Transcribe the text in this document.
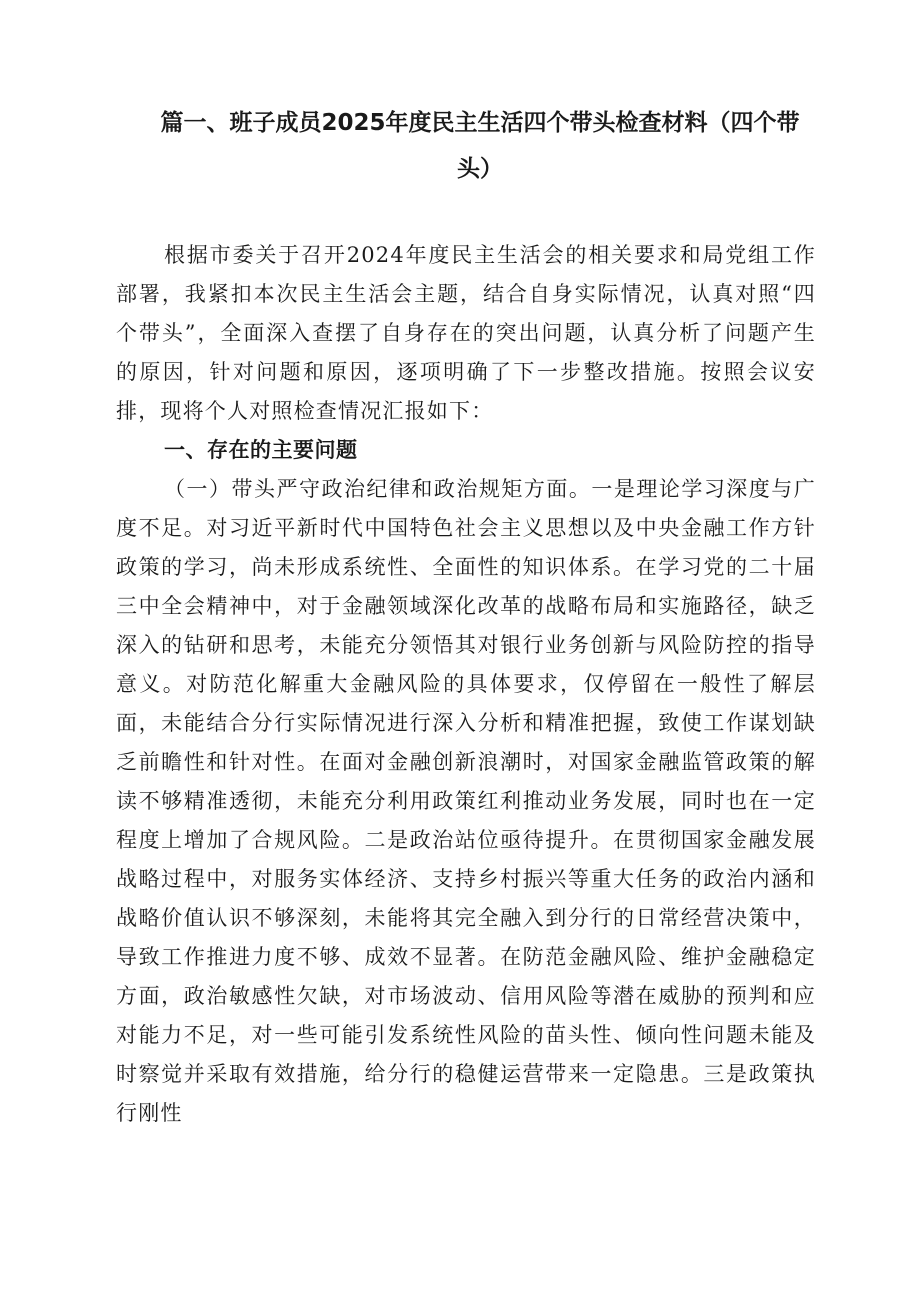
篇一、班子成员2025年度民主生活四个带头检查材料（四个带头）

根据市委关于召开2024年度民主生活会的相关要求和局党组工作部署，我紧扣本次民主生活会主题，结合自身实际情况，认真对照“四个带头”，全面深入查摆了自身存在的突出问题，认真分析了问题产生的原因，针对问题和原因，逐项明确了下一步整改措施。按照会议安排，现将个人对照检查情况汇报如下：

一、存在的主要问题

（一）带头严守政治纪律和政治规矩方面。一是理论学习深度与广度不足。对习近平新时代中国特色社会主义思想以及中央金融工作方针政策的学习，尚未形成系统性、全面性的知识体系。在学习党的二十届三中全会精神中，对于金融领域深化改革的战略布局和实施路径，缺乏深入的钻研和思考，未能充分领悟其对银行业务创新与风险防控的指导意义。对防范化解重大金融风险的具体要求，仅停留在一般性了解层面，未能结合分行实际情况进行深入分析和精准把握，致使工作谋划缺乏前瞻性和针对性。在面对金融创新浪潮时，对国家金融监管政策的解读不够精准透彻，未能充分利用政策红利推动业务发展，同时也在一定程度上增加了合规风险。二是政治站位亟待提升。在贯彻国家金融发展战略过程中，对服务实体经济、支持乡村振兴等重大任务的政治内涵和战略价值认识不够深刻，未能将其完全融入到分行的日常经营决策中，导致工作推进力度不够、成效不显著。在防范金融风险、维护金融稳定方面，政治敏感性欠缺，对市场波动、信用风险等潜在威胁的预判和应对能力不足，对一些可能引发系统性风险的苗头性、倾向性问题未能及时察觉并采取有效措施，给分行的稳健运营带来一定隐患。三是政策执行刚性
